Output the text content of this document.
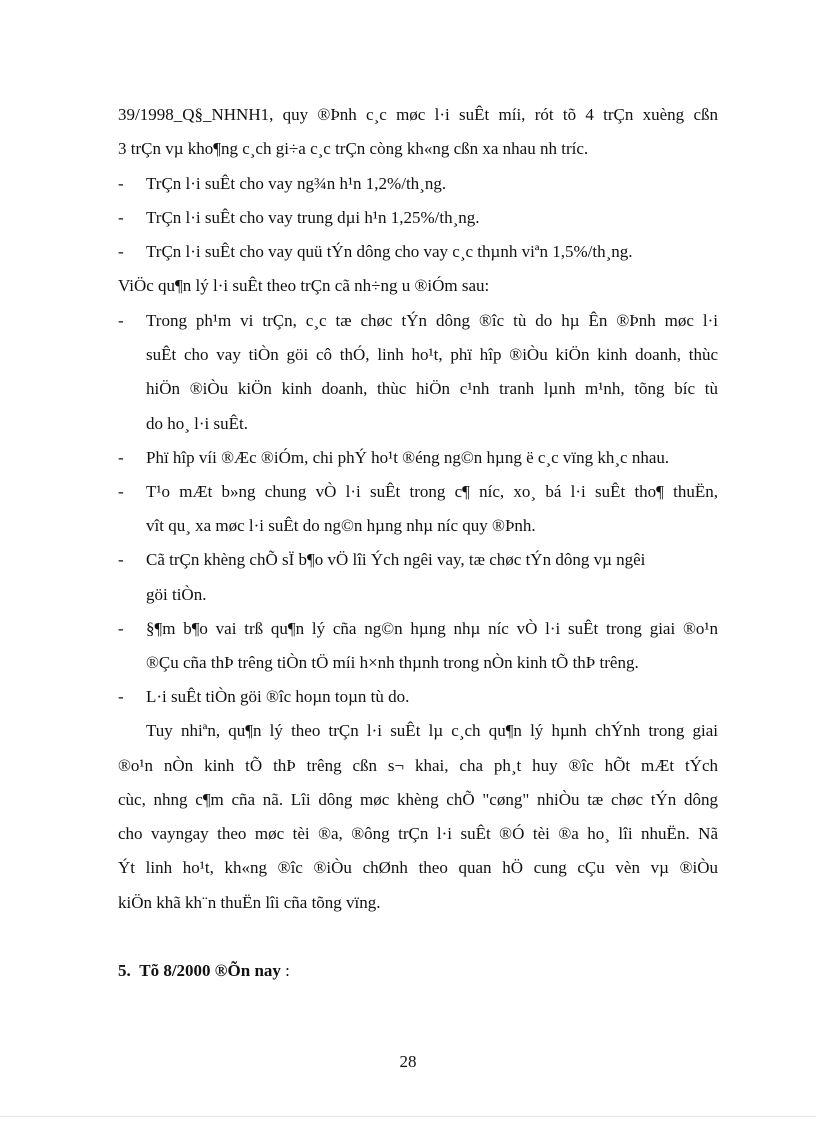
39/1998_Q§_NHNH1, quy ®Þnh c¸c møc l·i suÊt míi, rót tõ 4 trÇn xuèng cßn
3 trÇn vµ kho¶ng c¸ch gi÷a c¸c trÇn còng kh«ng cßn xa nhau nh tríc.
- TrÇn l·i suÊt cho vay ng¾n h¹n 1,2%/th¸ng.
- TrÇn l·i suÊt cho vay trung dµi h¹n 1,25%/th¸ng.
- TrÇn l·i suÊt cho vay quü tÝn dông cho vay c¸c thµnh viªn 1,5%/th¸ng.
ViÖc qu¶n lý l·i suÊt theo trÇn cã nh÷ng u ®iÓm sau:
- Trong ph¹m vi trÇn, c¸c tæ chøc tÝn dông ®îc tù do hµ Ên ®Þnh møc l·i
suÊt cho vay tiÒn göi cô thÓ, linh ho¹t, phï hîp ®iÒu kiÖn kinh doanh, thùc
hiÖn ®iÒu kiÖn kinh doanh, thùc hiÖn c¹nh tranh lµnh m¹nh, tõng bíc tù
do ho¸ l·i suÊt.
- Phï hîp víi ®Æc ®iÓm, chi phÝ ho¹t ®éng ng©n hµng ë c¸c vïng kh¸c nhau.
- T¹o mÆt b»ng chung vÒ l·i suÊt trong c¶ níc, xo¸ bá l·i suÊt tho¶ thuËn,
vît qu¸ xa møc l·i suÊt do ng©n hµng nhµ níc quy ®Þnh.
- Cã trÇn khèng chÕ sÏ b¶o vÖ lîi Ých ngêi vay, tæ chøc tÝn dông vµ ngêi
göi tiÒn.
- §¶m b¶o vai trß qu¶n lý cña ng©n hµng nhµ níc vÒ l·i suÊt trong giai ®o¹n
®Çu cña thÞ trêng tiÒn tÖ míi h×nh thµnh trong nÒn kinh tÕ thÞ trêng.
- L·i suÊt tiÒn göi ®îc hoµn toµn tù do.
Tuy nhiªn, qu¶n lý theo trÇn l·i suÊt lµ c¸ch qu¶n lý hµnh chÝnh trong giai
®o¹n nÒn kinh tÕ thÞ trêng cßn s¬ khai, cha ph¸t huy ®îc hÕt mÆt tÝch
cùc, nhng c¶m cña nã. Lîi dông møc khèng chÕ "cøng" nhiÒu tæ chøc tÝn dông
cho vayngay theo møc tèi ®a, ®ông trÇn l·i suÊt ®Ó tèi ®a ho¸ lîi nhuËn. Nã
Ýt linh ho¹t, kh«ng ®îc ®iÒu chØnh theo quan hÖ cung cÇu vèn vµ ®iÒu
kiÖn khã kh¨n thuËn lîi cña tõng vïng.
5. Tõ 8/2000 ®Õn nay :
28
